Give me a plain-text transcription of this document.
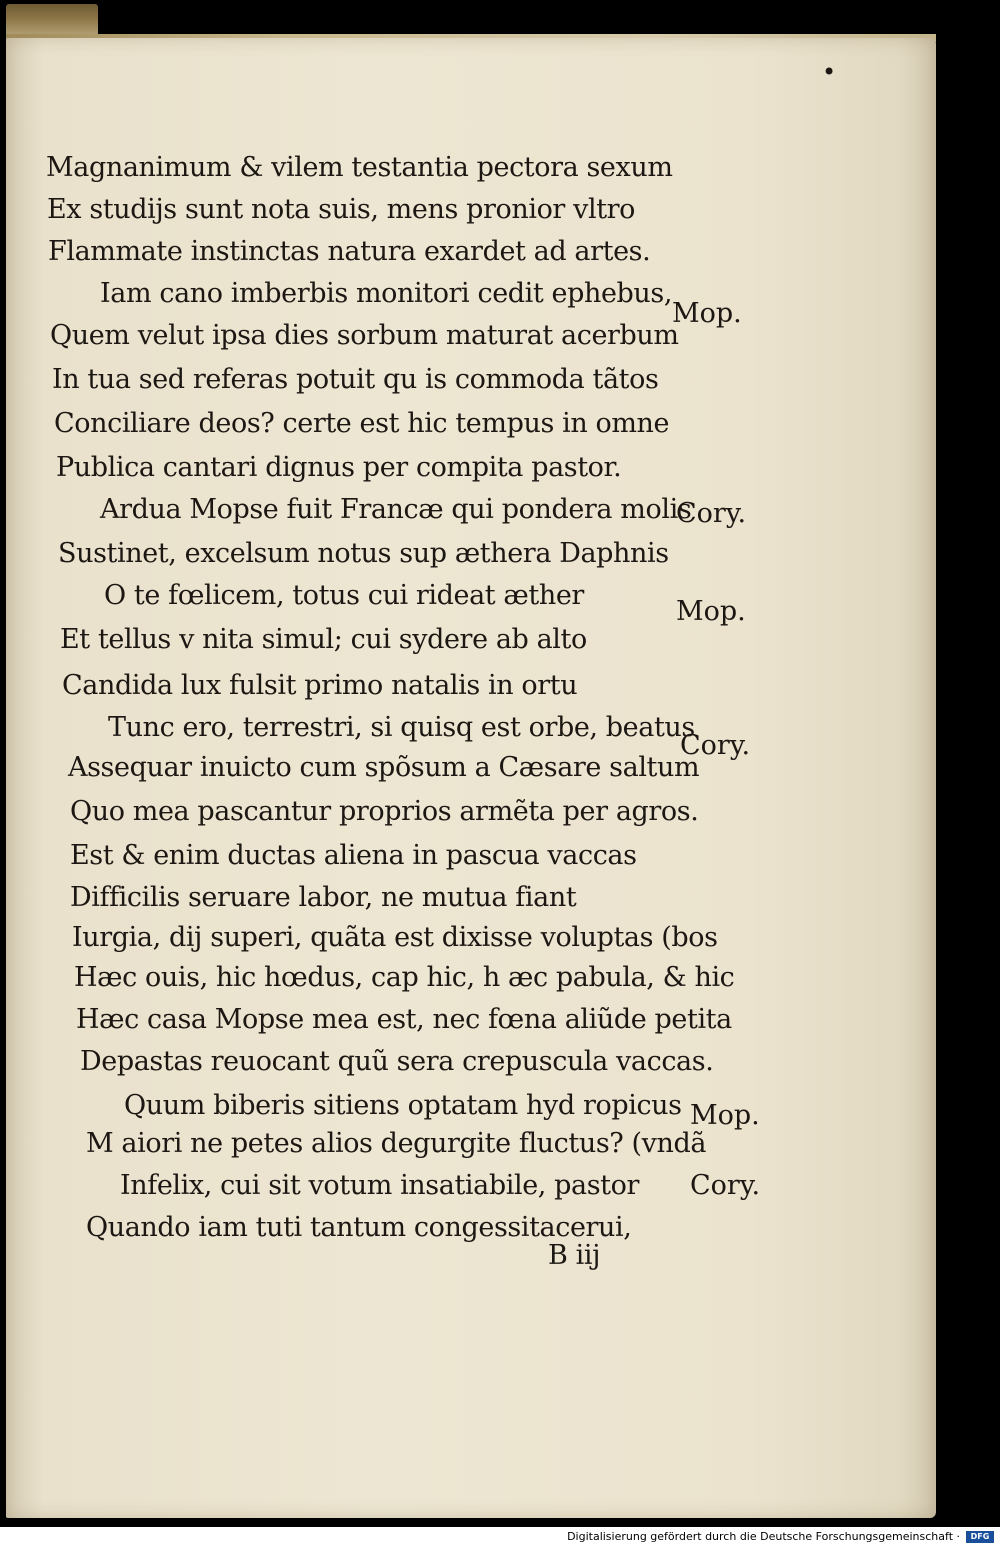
•
Magnanimum & vilem testantia pectora sexum
Ex studijs sunt nota suis, mens pronior vltro
Flammate instinctas natura exardet ad artes.
Iam cano imberbis monitori cedit ephebus,
Quem velut ipsa dies sorbum maturat acerbum
In tua sed referas potuit qu is commoda tãtos
Conciliare deos? certe est hic tempus in omne
Publica cantari dignus per compita pastor.
Ardua Mopse fuit Francæ qui pondera molis
Sustinet, excelsum notus sup æthera Daphnis
O te fœlicem, totus cui rideat æther
Et tellus v nita simul; cui sydere ab alto
Candida lux fulsit primo natalis in ortu
Tunc ero, terrestri, si quisq est orbe, beatus
Assequar inuicto cum spõsum a Cæsare saltum
Quo mea pascantur proprios armẽta per agros.
Est & enim ductas aliena in pascua vaccas
Difficilis seruare labor, ne mutua fiant
Iurgia, dij superi, quãta est dixisse voluptas (bos
Hæc ouis, hic hœdus, cap hic, h æc pabula, & hic
Hæc casa Mopse mea est, nec fœna aliũde petita
Depastas reuocant quũ sera crepuscula vaccas.
Quum biberis sitiens optatam hyd ropicus
M aiori ne petes alios degurgite fluctus? (vndã
Infelix, cui sit votum insatiabile, pastor
Quando iam tuti tantum congessitacerui,
Mop.
Cory.
Mop.
Cory.
Mop.
Cory.
B iij
Digitalisierung gefördert durch die Deutsche Forschungsgemeinschaft ·	DFG
